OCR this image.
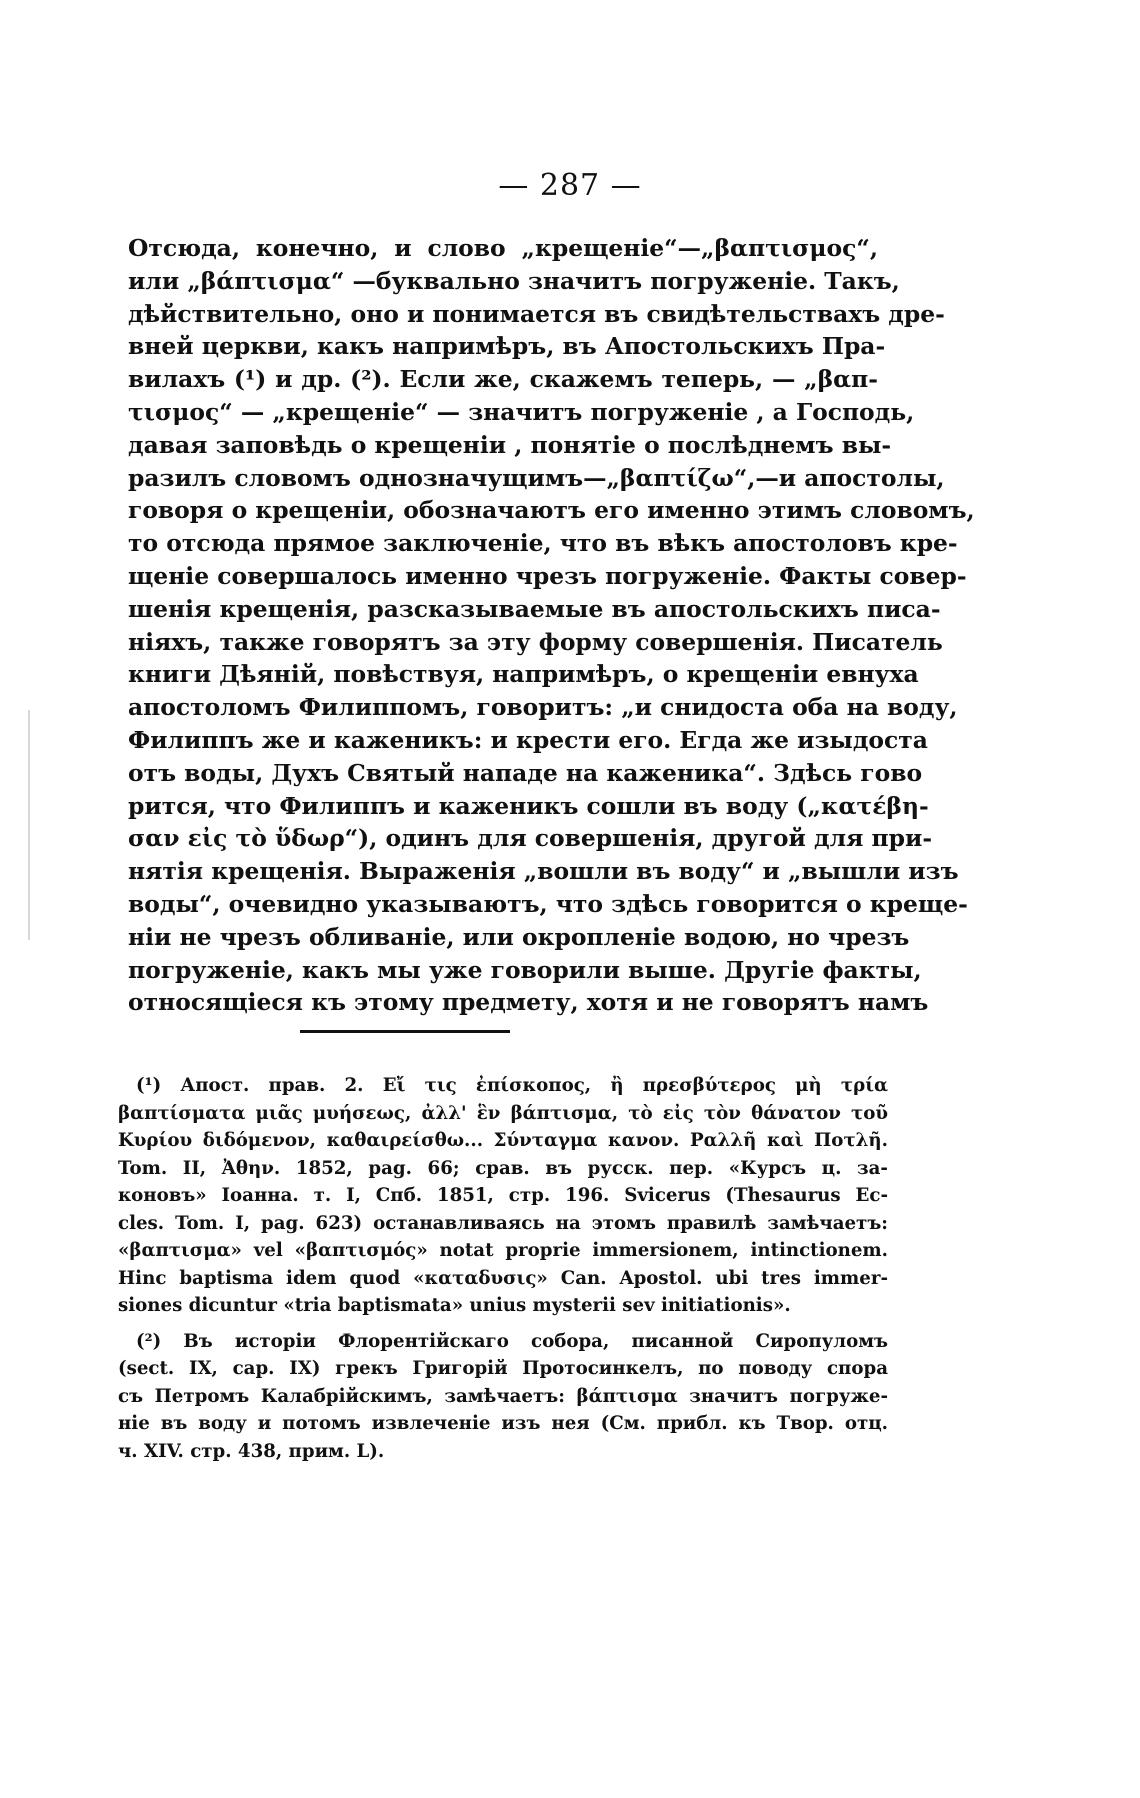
— 287 —

Отсюда, конечно, и слово „крещеніе“—„βαπτισμος“,
или „βάπτισμα“ —буквально значитъ погруженіе. Такъ,
дѣйствительно, оно и понимается въ свидѣтельствахъ дре-
вней церкви, какъ напримѣръ, въ Апостольскихъ Пра-
вилахъ (¹) и др. (²). Если же, скажемъ теперь, — „βαπ-
τισμος“ — „крещеніе“ — значитъ погруженіе , а Господь,
давая заповѣдь о крещеніи , понятіе о послѣднемъ вы-
разилъ словомъ однозначущимъ—„βαπτίζω“,—и апостолы,
говоря о крещеніи, обозначаютъ его именно этимъ словомъ,
то отсюда прямое заключеніе, что въ вѣкъ апостоловъ кре-
щеніе совершалось именно чрезъ погруженіе. Факты совер-
шенія крещенія, разсказываемые въ апостольскихъ писа-
ніяхъ, также говорятъ за эту форму совершенія. Писатель
книги Дѣяній, повѣствуя, напримѣръ, о крещеніи евнуха
апостоломъ Филиппомъ, говоритъ: „и снидоста оба на воду,
Филиппъ же и каженикъ: и крести его. Егда же изыдоста
отъ воды, Духъ Святый нападе на каженика“. Здѣсь гово
рится, что Филиппъ и каженикъ сошли въ воду („κατέβη-
σαν εἰς τὸ ὕδωρ“), одинъ для совершенія, другой для при-
нятія крещенія. Выраженія „вошли въ воду“ и „вышли изъ
воды“, очевидно указываютъ, что здѣсь говорится о креще-
ніи не чрезъ обливаніе, или окропленіе водою, но чрезъ
погруженіе, какъ мы уже говорили выше. Другіе факты,
относящіеся къ этому предмету, хотя и не говорятъ намъ

(¹) Апост. прав. 2. Εἴ τις ἐπίσκοπος, ἢ πρεσβύτερος μὴ τρία
βαπτίσματα μιᾶς μυήσεως, ἀλλ' ἓν βάπτισμα, τὸ εἰς τὸν θάνατον τοῦ
Κυρίου διδόμενον, καθαιρείσθω... Σύνταγμα κανον. Ραλλῆ καὶ Ποτλῆ.
Tom. II, Ἀθην. 1852, pag. 66; срав. въ русск. пер. «Курсъ ц. за-
коновъ» Іоанна. т. I, Спб. 1851, стр. 196. Svicerus (Thesaurus Ec-
cles. Tom. I, pag. 623) останавливаясь на этомъ правилѣ замѣчаетъ:
«βαπτισμα» vel «βαπτισμός» notat proprie immersionem, intinctionem.
Hinc baptisma idem quod «καταδυσις» Can. Apostol. ubi tres immer-
siones dicuntur «tria baptismata» unius mysterii sev initiationis».

(²) Въ исторіи Флорентійскаго собора, писанной Сиропуломъ
(sect. IX, cap. IX) грекъ Григорій Протосинкелъ, по поводу спора
съ Петромъ Калабрійскимъ, замѣчаетъ: βάπτισμα значитъ погруже-
ніе въ воду и потомъ извлеченіе изъ нея (См. прибл. къ Твор. отц.
ч. XIV. стр. 438, прим. L).
